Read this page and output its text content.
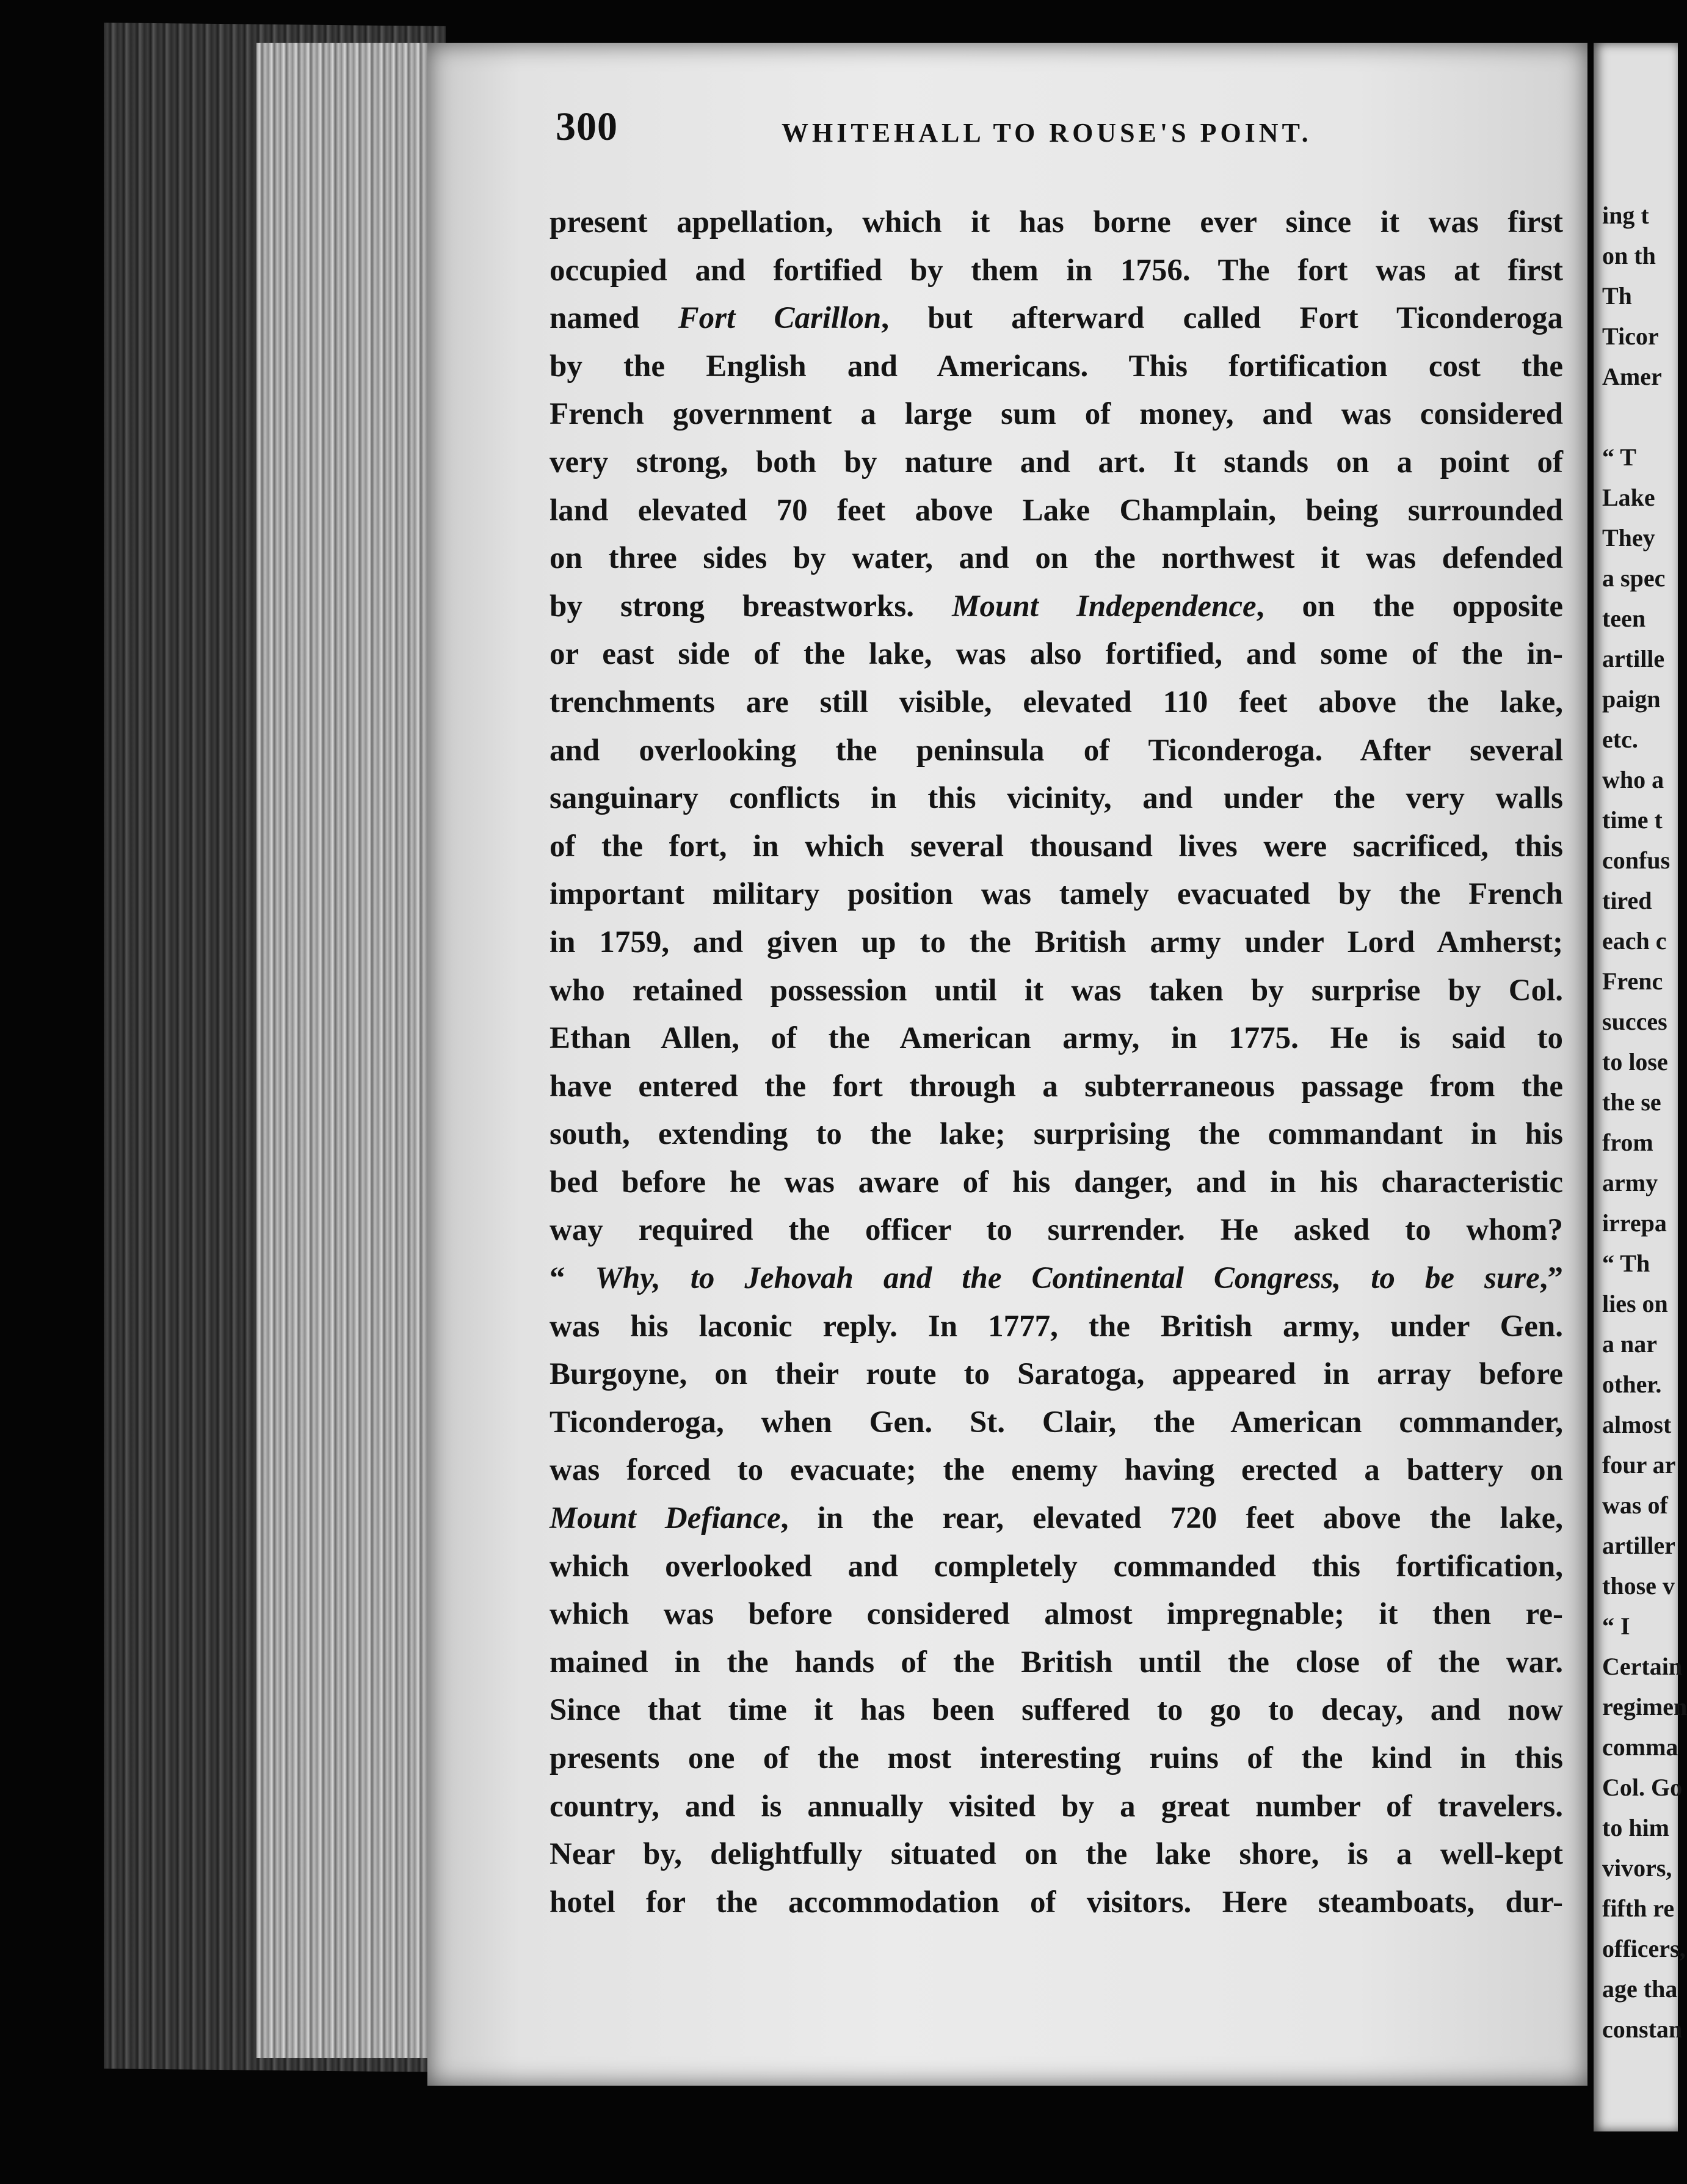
300	WHITEHALL TO ROUSE'S POINT.
present appellation, which it has borne ever since it was first
occupied and fortified by them in 1756. The fort was at first
named Fort Carillon, but afterward called Fort Ticonderoga
by the English and Americans. This fortification cost the
French government a large sum of money, and was considered
very strong, both by nature and art. It stands on a point of
land elevated 70 feet above Lake Champlain, being surrounded
on three sides by water, and on the northwest it was defended
by strong breastworks. Mount Independence, on the opposite
or east side of the lake, was also fortified, and some of the in-
trenchments are still visible, elevated 110 feet above the lake,
and overlooking the peninsula of Ticonderoga. After several
sanguinary conflicts in this vicinity, and under the very walls
of the fort, in which several thousand lives were sacrificed, this
important military position was tamely evacuated by the French
in 1759, and given up to the British army under Lord Amherst;
who retained possession until it was taken by surprise by Col.
Ethan Allen, of the American army, in 1775. He is said to
have entered the fort through a subterraneous passage from the
south, extending to the lake; surprising the commandant in his
bed before he was aware of his danger, and in his characteristic
way required the officer to surrender. He asked to whom?
“ Why, to Jehovah and the Continental Congress, to be sure,”
was his laconic reply. In 1777, the British army, under Gen.
Burgoyne, on their route to Saratoga, appeared in array before
Ticonderoga, when Gen. St. Clair, the American commander,
was forced to evacuate; the enemy having erected a battery on
Mount Defiance, in the rear, elevated 720 feet above the lake,
which overlooked and completely commanded this fortification,
which was before considered almost impregnable; it then re-
mained in the hands of the British until the close of the war.
Since that time it has been suffered to go to decay, and now
presents one of the most interesting ruins of the kind in this
country, and is annually visited by a great number of travelers.
Near by, delightfully situated on the lake shore, is a well-kept
hotel for the accommodation of visitors. Here steamboats, dur-
ing t
on th
Th
Ticor
Amer
“ T
Lake
They
a spec
teen
artille
paign
etc.
who a
time t
confus
tired
each c
Frenc
succes
to lose
the se
from
army
irrepa
“ Th
lies on
a nar
other.
almost
four ar
was of
artiller
those v
“ I
Certain
regimen
comma
Col. Go
to him
vivors,
fifth re
officers,
age tha
constan
